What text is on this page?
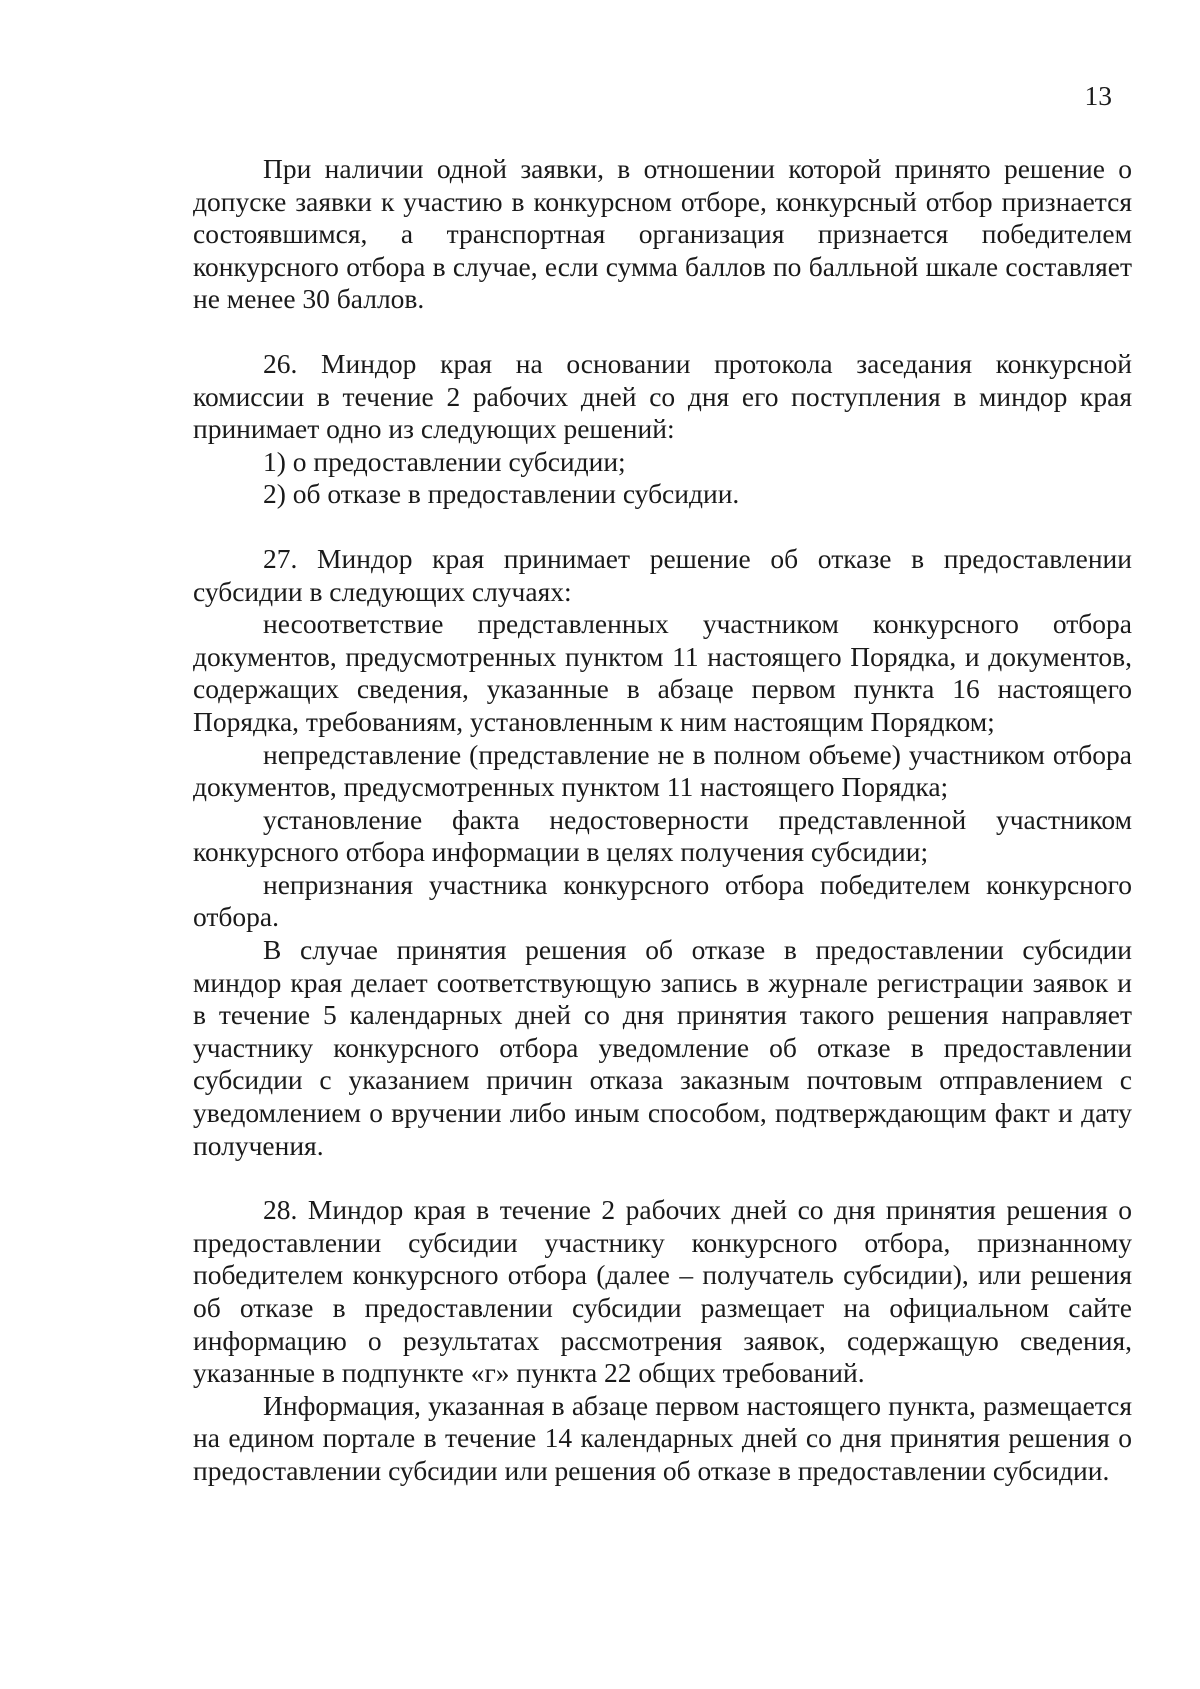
13

При наличии одной заявки, в отношении которой принято решение о допуске заявки к участию в конкурсном отборе, конкурсный отбор признается состоявшимся, а транспортная организация признается победителем конкурсного отбора в случае, если сумма баллов по балльной шкале составляет не менее 30 баллов.

26. Миндор края на основании протокола заседания конкурсной комиссии в течение 2 рабочих дней со дня его поступления в миндор края принимает одно из следующих решений:

1) о предоставлении субсидии;

2) об отказе в предоставлении субсидии.

27. Миндор края принимает решение об отказе в предоставлении субсидии в следующих случаях:

несоответствие представленных участником конкурсного отбора документов, предусмотренных пунктом 11 настоящего Порядка, и документов, содержащих сведения, указанные в абзаце первом пункта 16 настоящего Порядка, требованиям, установленным к ним настоящим Порядком;

непредставление (представление не в полном объеме) участником отбора документов, предусмотренных пунктом 11 настоящего Порядка;

установление факта недостоверности представленной участником конкурсного отбора информации в целях получения субсидии;

непризнания участника конкурсного отбора победителем конкурсного отбора.

В случае принятия решения об отказе в предоставлении субсидии миндор края делает соответствующую запись в журнале регистрации заявок и в течение 5 календарных дней со дня принятия такого решения направляет участнику конкурсного отбора уведомление об отказе в предоставлении субсидии с указанием причин отказа заказным почтовым отправлением с уведомлением о вручении либо иным способом, подтверждающим факт и дату получения.

28. Миндор края в течение 2 рабочих дней со дня принятия решения о предоставлении субсидии участнику конкурсного отбора, признанному победителем конкурсного отбора (далее – получатель субсидии), или решения об отказе в предоставлении субсидии размещает на официальном сайте информацию о результатах рассмотрения заявок, содержащую сведения, указанные в подпункте «г» пункта 22 общих требований.

Информация, указанная в абзаце первом настоящего пункта, размещается на едином портале в течение 14 календарных дней со дня принятия решения о предоставлении субсидии или решения об отказе в предоставлении субсидии.
